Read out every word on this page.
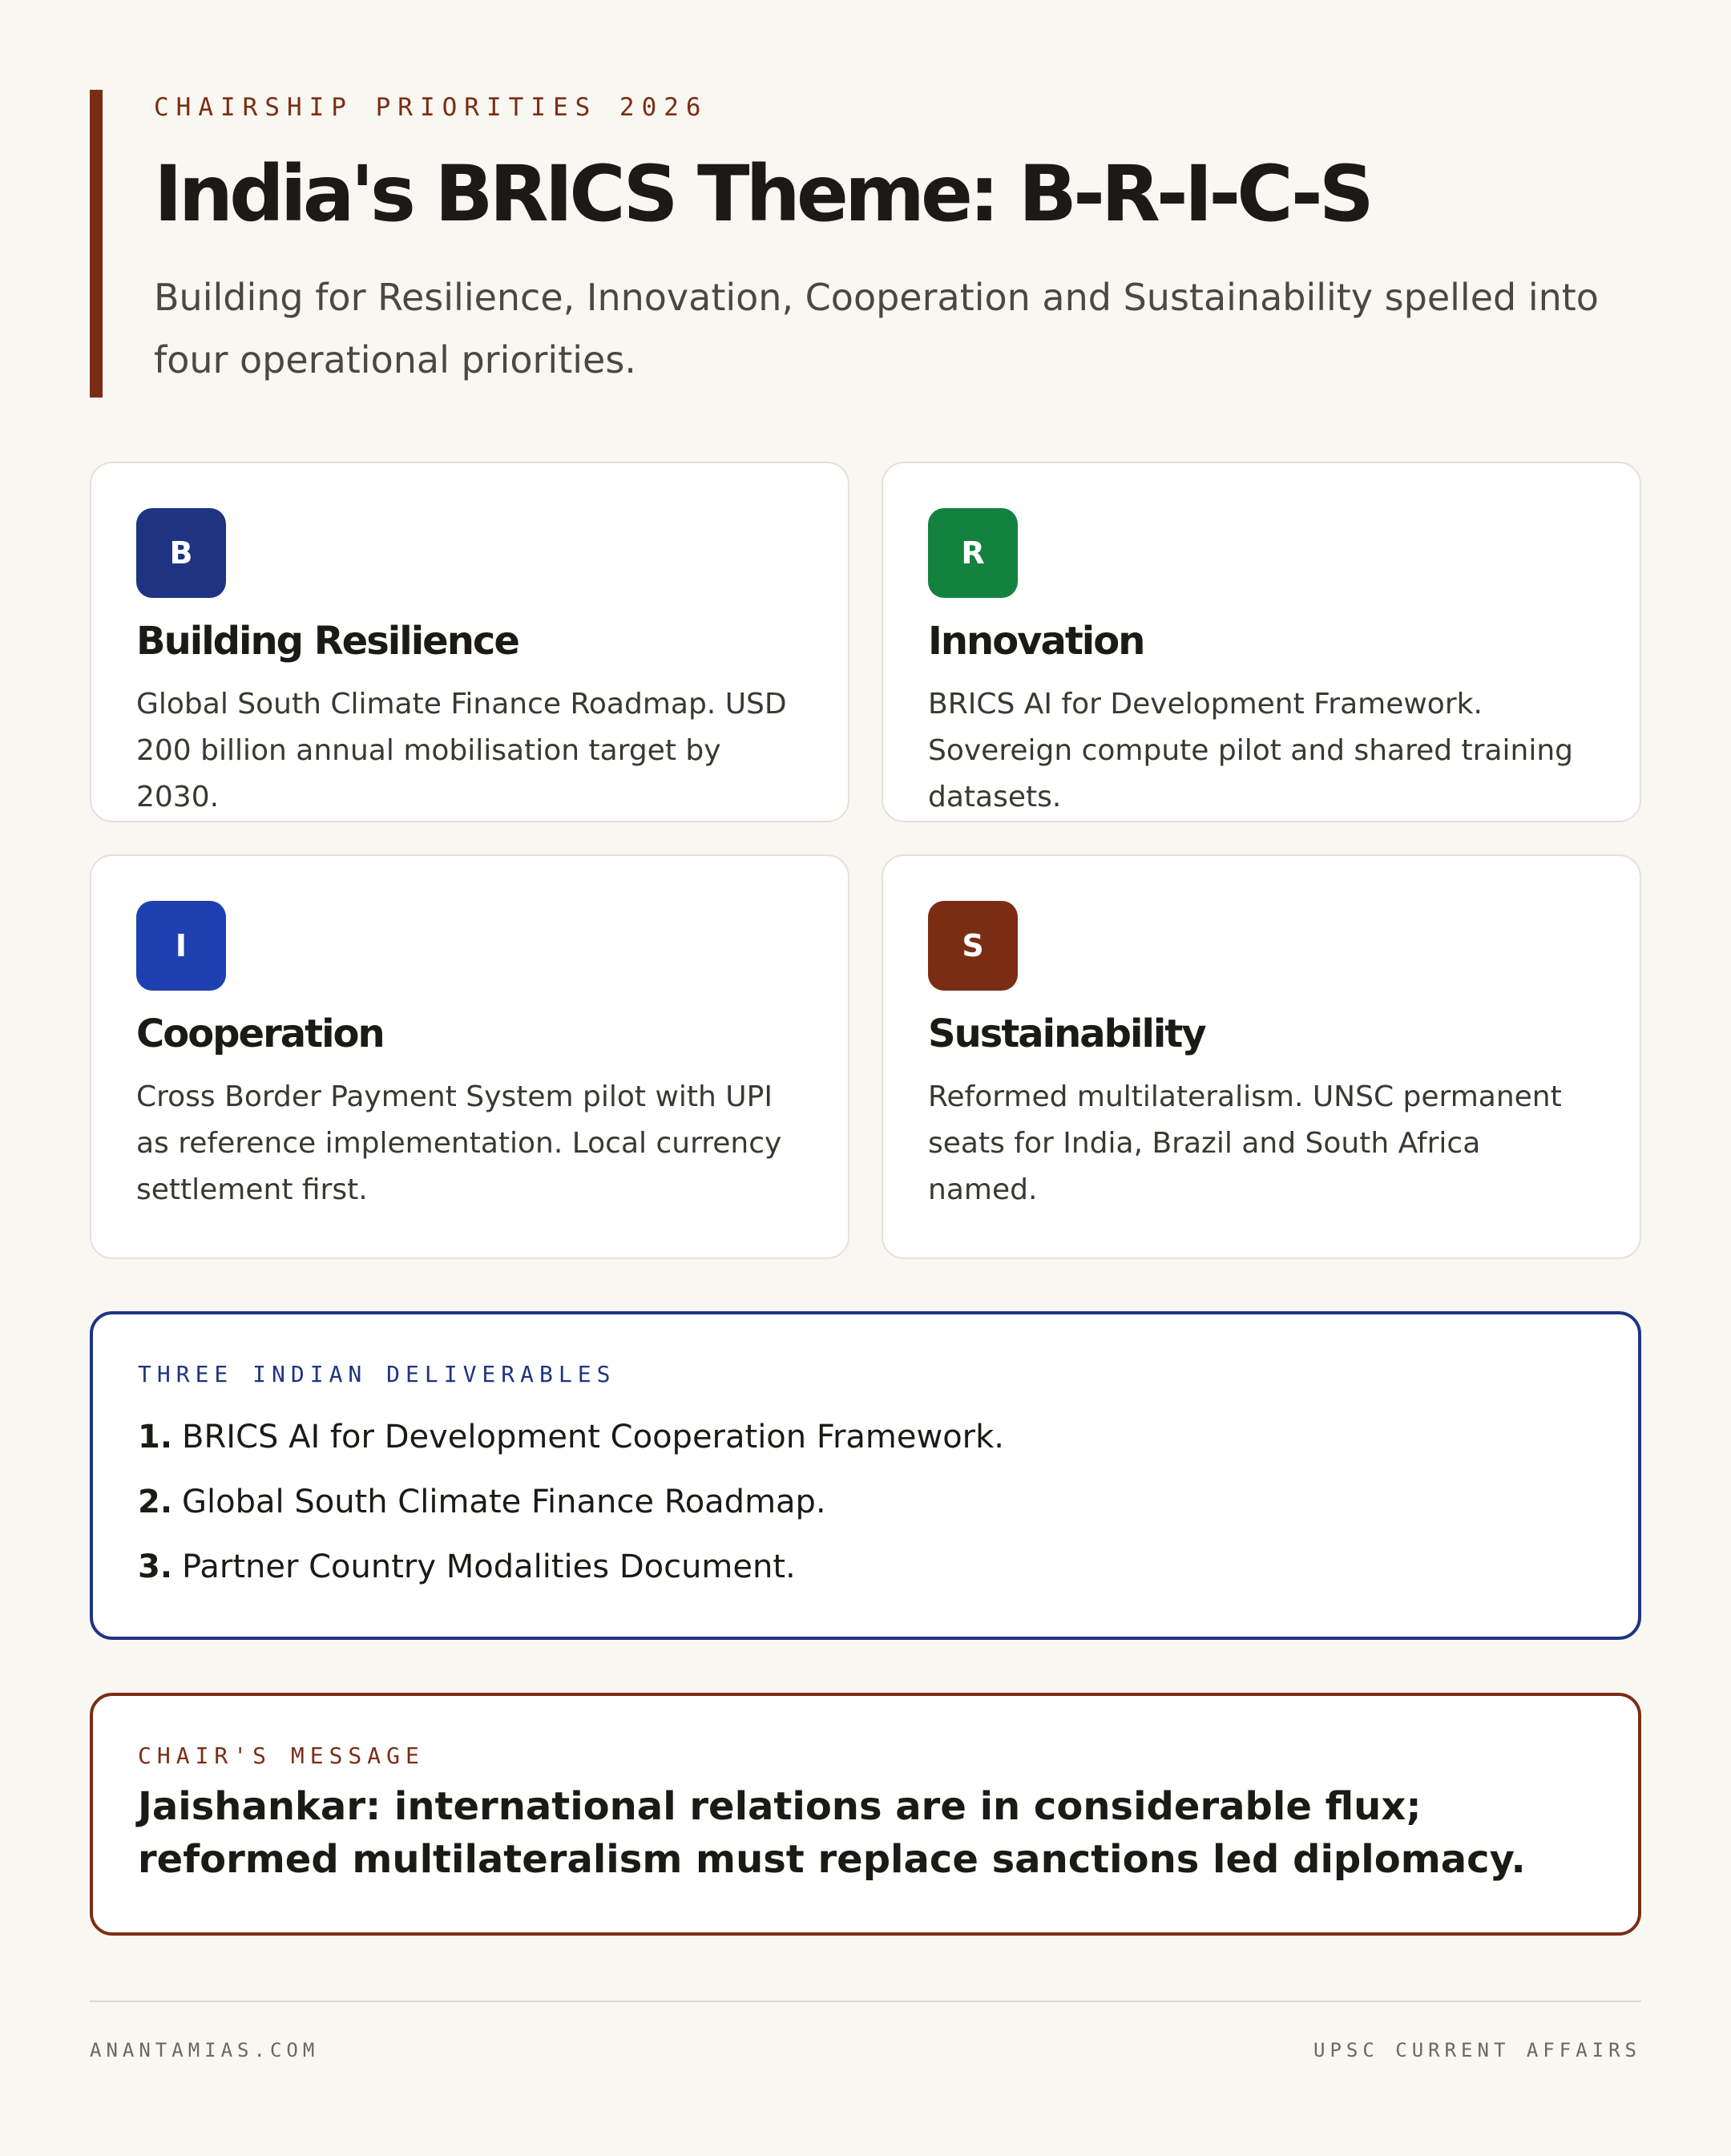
CHAIRSHIP PRIORITIES 2026
India's BRICS Theme: B-R-I-C-S

Building for Resilience, Innovation, Cooperation and Sustainability spelled into four operational priorities.

B
Building Resilience
Global South Climate Finance Roadmap. USD 200 billion annual mobilisation target by 2030.
R
Innovation
BRICS AI for Development Framework. Sovereign compute pilot and shared training datasets.
I
Cooperation
Cross Border Payment System pilot with UPI as reference implementation. Local currency settlement first.
S
Sustainability
Reformed multilateralism. UNSC permanent seats for India, Brazil and South Africa named.
THREE INDIAN DELIVERABLES
1. BRICS AI for Development Cooperation Framework.
2. Global South Climate Finance Roadmap.
3. Partner Country Modalities Document.
CHAIR'S MESSAGE
Jaishankar: international relations are in considerable flux; reformed multilateralism must replace sanctions led diplomacy.
ANANTAMIAS.COM	UPSC CURRENT AFFAIRS
